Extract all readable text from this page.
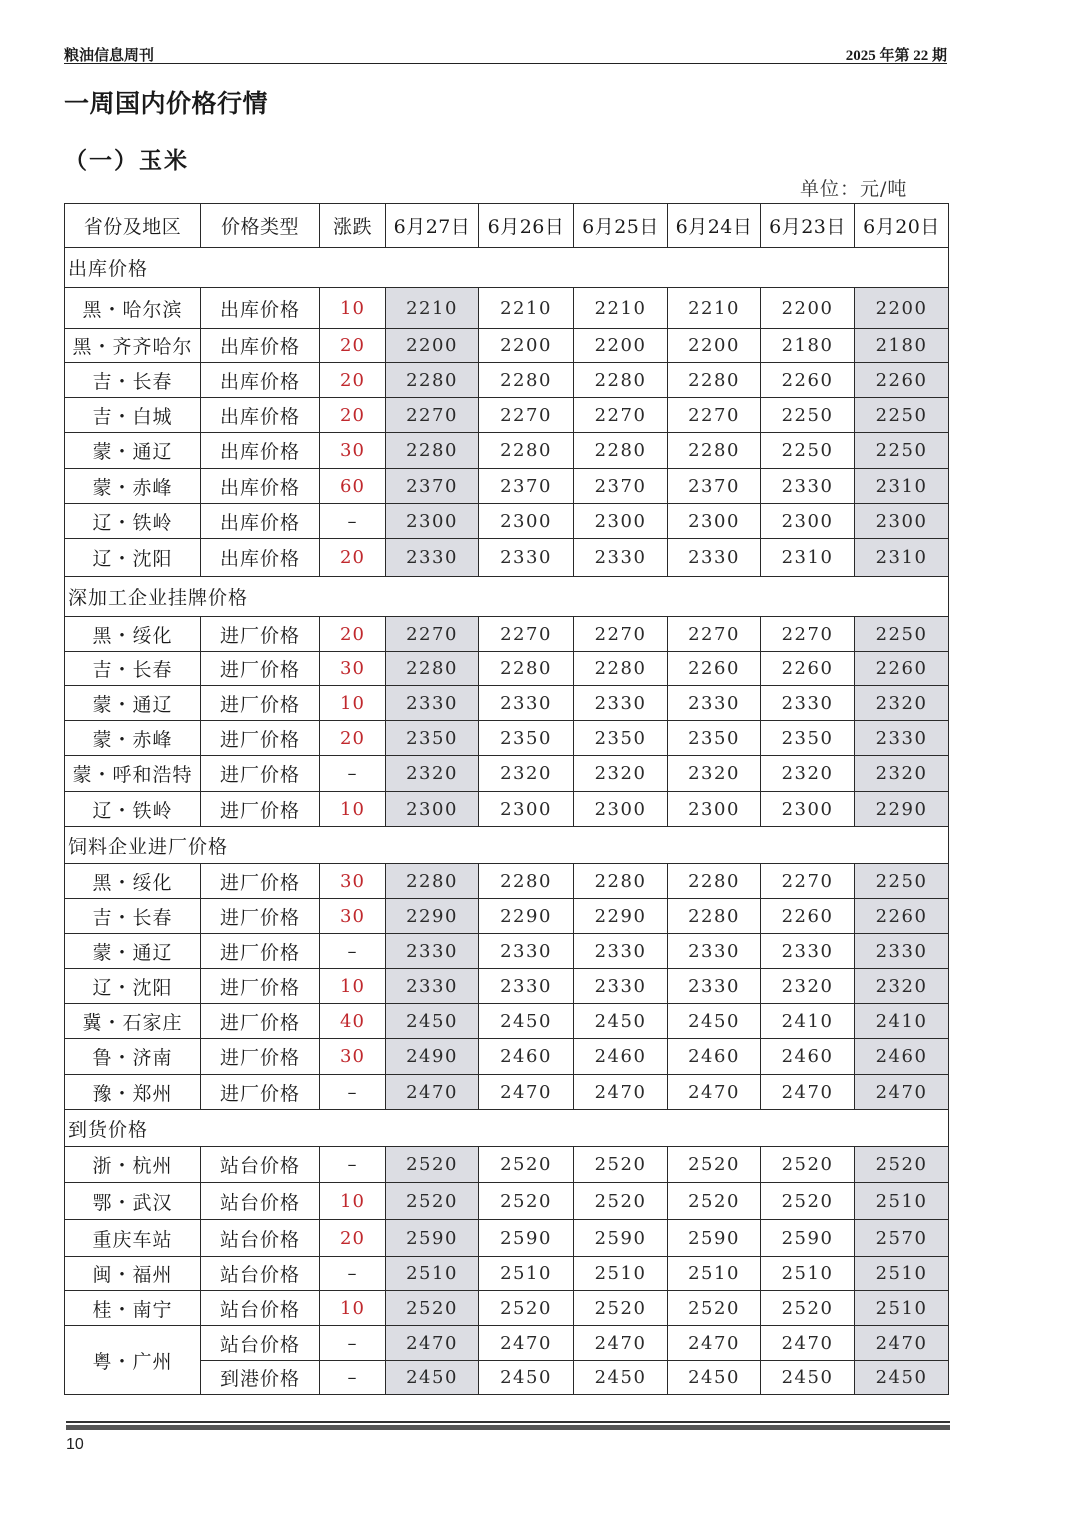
粮油信息周刊	2025 年第 22 期
一周国内价格行情
（一）玉米
单位：元/吨
省份及地区	价格类型	涨跌	6月27日	6月26日	6月25日	6月24日	6月23日	6月20日
出库价格								
黑・哈尔滨	出库价格	10	2210	2210	2210	2210	2200	2200
黑・齐齐哈尔	出库价格	20	2200	2200	2200	2200	2180	2180
吉・长春	出库价格	20	2280	2280	2280	2280	2260	2260
吉・白城	出库价格	20	2270	2270	2270	2270	2250	2250
蒙・通辽	出库价格	30	2280	2280	2280	2280	2250	2250
蒙・赤峰	出库价格	60	2370	2370	2370	2370	2330	2310
辽・铁岭	出库价格	–	2300	2300	2300	2300	2300	2300
辽・沈阳	出库价格	20	2330	2330	2330	2330	2310	2310
深加工企业挂牌价格								
黑・绥化	进厂价格	20	2270	2270	2270	2270	2270	2250
吉・长春	进厂价格	30	2280	2280	2280	2260	2260	2260
蒙・通辽	进厂价格	10	2330	2330	2330	2330	2330	2320
蒙・赤峰	进厂价格	20	2350	2350	2350	2350	2350	2330
蒙・呼和浩特	进厂价格	–	2320	2320	2320	2320	2320	2320
辽・铁岭	进厂价格	10	2300	2300	2300	2300	2300	2290
饲料企业进厂价格								
黑・绥化	进厂价格	30	2280	2280	2280	2280	2270	2250
吉・长春	进厂价格	30	2290	2290	2290	2280	2260	2260
蒙・通辽	进厂价格	–	2330	2330	2330	2330	2330	2330
辽・沈阳	进厂价格	10	2330	2330	2330	2330	2320	2320
冀・石家庄	进厂价格	40	2450	2450	2450	2450	2410	2410
鲁・济南	进厂价格	30	2490	2460	2460	2460	2460	2460
豫・郑州	进厂价格	–	2470	2470	2470	2470	2470	2470
到货价格								
浙・杭州	站台价格	–	2520	2520	2520	2520	2520	2520
鄂・武汉	站台价格	10	2520	2520	2520	2520	2520	2510
重庆车站	站台价格	20	2590	2590	2590	2590	2590	2570
闽・福州	站台价格	–	2510	2510	2510	2510	2510	2510
桂・南宁	站台价格	10	2520	2520	2520	2520	2520	2510
粤・广州	站台价格	–	2470	2470	2470	2470	2470	2470
	到港价格	–	2450	2450	2450	2450	2450	2450
10
